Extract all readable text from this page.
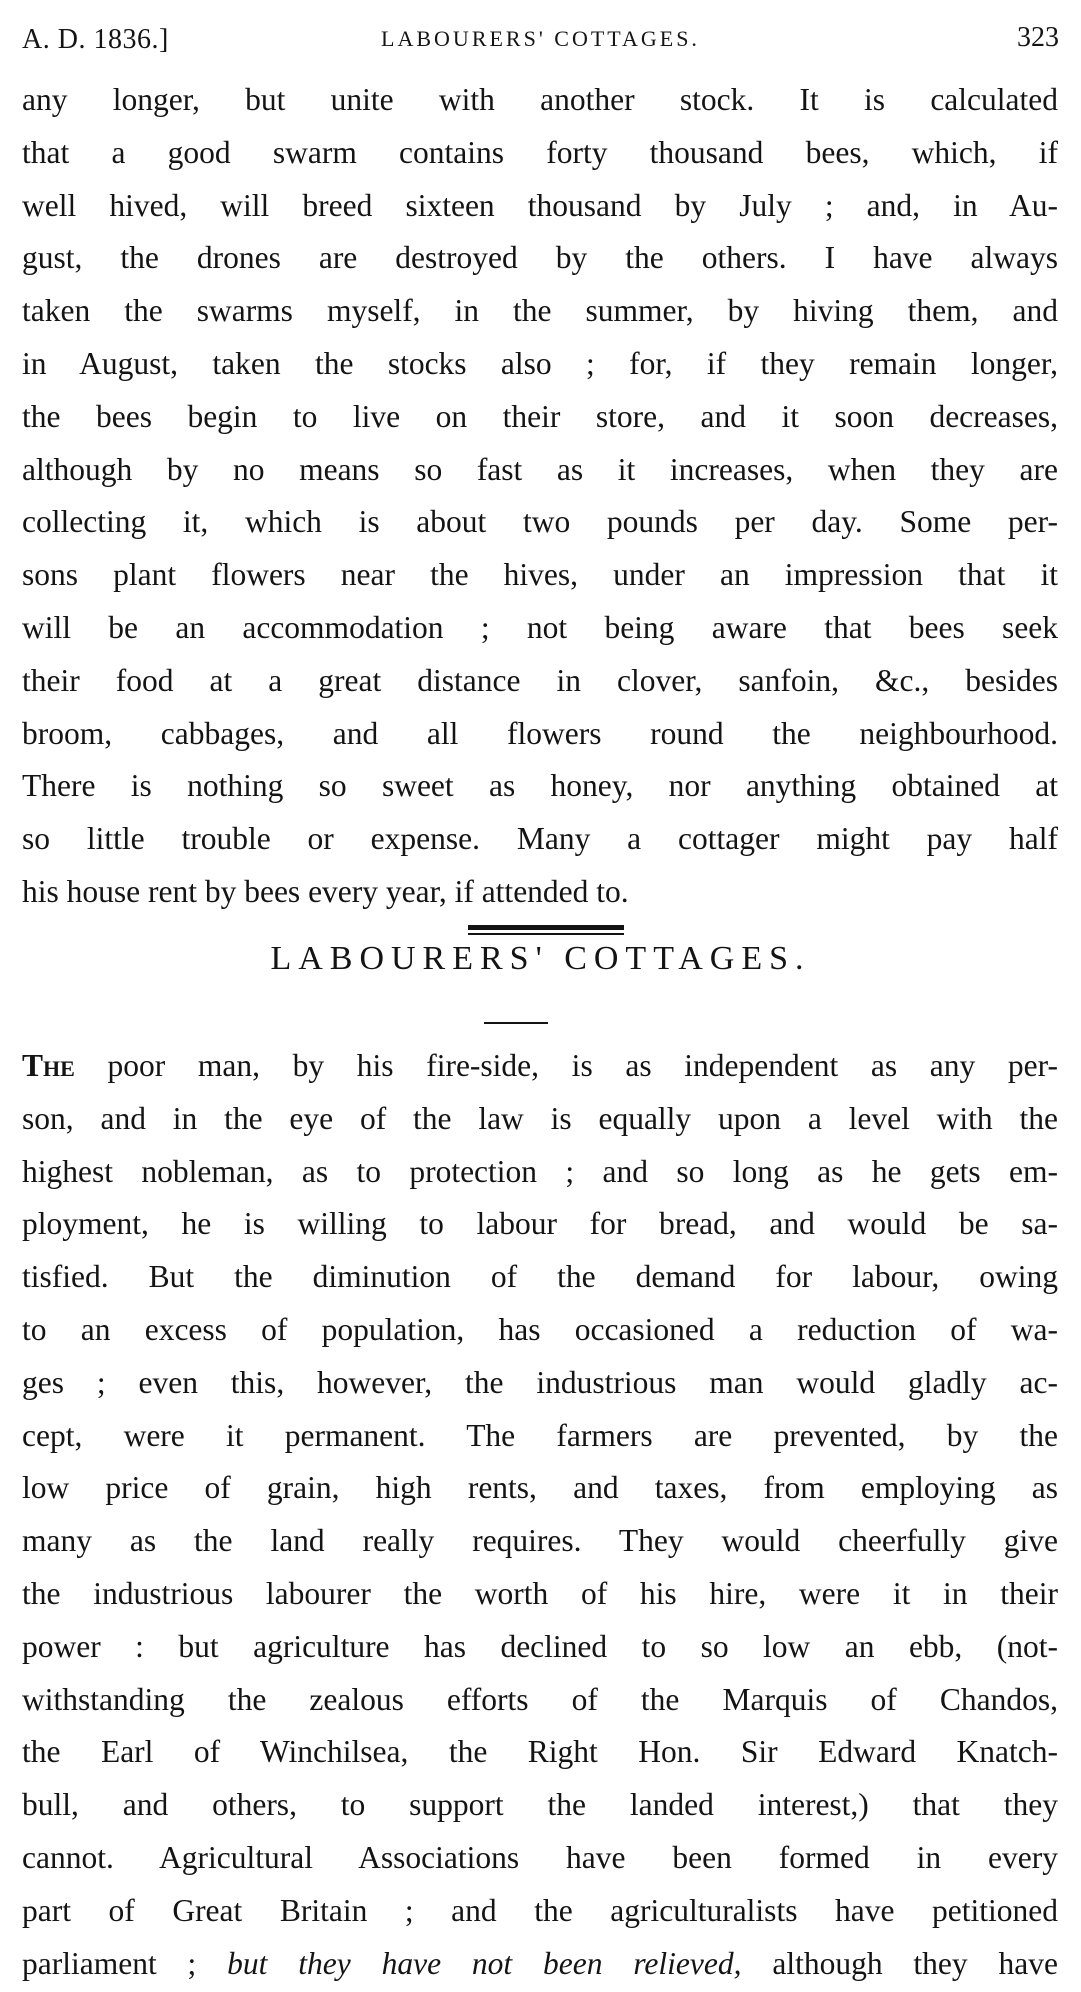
A. D. 1836.]	LABOURERS' COTTAGES.	323
any longer, but unite with another stock. It is calculated
that a good swarm contains forty thousand bees, which, if
well hived, will breed sixteen thousand by July ; and, in Au-
gust, the drones are destroyed by the others. I have always
taken the swarms myself, in the summer, by hiving them, and
in August, taken the stocks also ; for, if they remain longer,
the bees begin to live on their store, and it soon decreases,
although by no means so fast as it increases, when they are
collecting it, which is about two pounds per day. Some per-
sons plant flowers near the hives, under an impression that it
will be an accommodation ; not being aware that bees seek
their food at a great distance in clover, sanfoin, &c., besides
broom, cabbages, and all flowers round the neighbourhood.
There is nothing so sweet as honey, nor anything obtained at
so little trouble or expense. Many a cottager might pay half
his house rent by bees every year, if attended to.
LABOURERS' COTTAGES.
The poor man, by his fire-side, is as independent as any per-
son, and in the eye of the law is equally upon a level with the
highest nobleman, as to protection ; and so long as he gets em-
ployment, he is willing to labour for bread, and would be sa-
tisfied. But the diminution of the demand for labour, owing
to an excess of population, has occasioned a reduction of wa-
ges ; even this, however, the industrious man would gladly ac-
cept, were it permanent. The farmers are prevented, by the
low price of grain, high rents, and taxes, from employing as
many as the land really requires. They would cheerfully give
the industrious labourer the worth of his hire, were it in their
power : but agriculture has declined to so low an ebb, (not-
withstanding the zealous efforts of the Marquis of Chandos,
the Earl of Winchilsea, the Right Hon. Sir Edward Knatch-
bull, and others, to support the landed interest,) that they
cannot. Agricultural Associations have been formed in every
part of Great Britain ; and the agriculturalists have petitioned
parliament ; but they have not been relieved, although they have
